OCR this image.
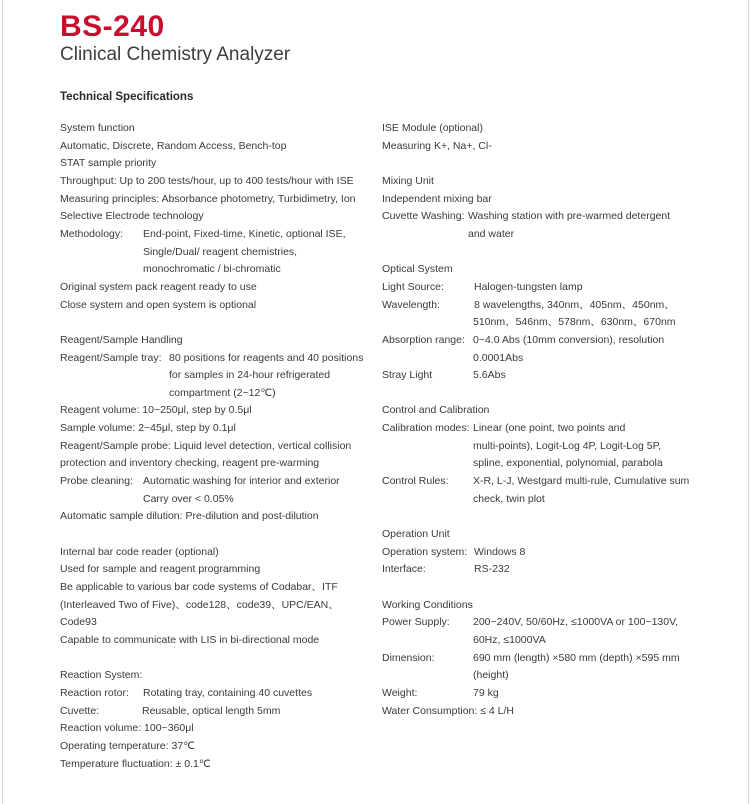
BS-240
Clinical Chemistry Analyzer
Technical Specifications
System function
Automatic, Discrete, Random Access, Bench-top
STAT sample priority
Throughput: Up to 200 tests/hour, up to 400 tests/hour with ISE
Measuring principles: Absorbance photometry, Turbidimetry, Ion
Selective Electrode technology
Methodology:	End-point, Fixed-time, Kinetic, optional ISE,
Single/Dual/ reagent chemistries,
monochromatic / bi-chromatic
Original system pack reagent ready to use
Close system and open system is optional
Reagent/Sample Handling
Reagent/Sample tray: 80 positions for reagents and 40 positions
for samples in 24-hour refrigerated
compartment (2~12℃)
Reagent volume: 10~250μl, step by 0.5μl
Sample volume: 2~45μl, step by 0.1μl
Reagent/Sample probe: Liquid level detection, vertical collision
protection and inventory checking, reagent pre-warming
Probe cleaning: Automatic washing for interior and exterior
Carry over < 0.05%
Automatic sample dilution: Pre-dilution and post-dilution
Internal bar code reader (optional)
Used for sample and reagent programming
Be applicable to various bar code systems of Codabar、ITF
(Interleaved Two of Five)、code128、code39、UPC/EAN、
Code93
Capable to communicate with LIS in bi-directional mode
Reaction System:
Reaction rotor:	Rotating tray, containing 40 cuvettes
Cuvette:	Reusable, optical length 5mm
Reaction volume: 100~360μl
Operating temperature: 37℃
Temperature fluctuation: ± 0.1℃
ISE Module (optional)
Measuring K+, Na+, Cl-
Mixing Unit
Independent mixing bar
Cuvette Washing: Washing station with pre-warmed detergent
and water
Optical System
Light Source:	Halogen-tungsten lamp
Wavelength:	8 wavelengths, 340nm、405nm、450nm、
510nm、546nm、578nm、630nm、670nm
Absorption range: 0~4.0 Abs (10mm conversion), resolution
0.0001Abs
Stray Light	5.6Abs
Control and Calibration
Calibration modes: Linear (one point, two points and
multi-points), Logit-Log 4P, Logit-Log 5P,
spline, exponential, polynomial, parabola
Control Rules:	X-R, L-J, Westgard multi-rule, Cumulative sum
check, twin plot
Operation Unit
Operation system: Windows 8
Interface:	RS-232
Working Conditions
Power Supply:	200~240V, 50/60Hz, ≤1000VA or 100~130V,
60Hz, ≤1000VA
Dimension:	690 mm (length) ×580 mm (depth) ×595 mm
(height)
Weight:	79 kg
Water Consumption: ≤ 4 L/H
